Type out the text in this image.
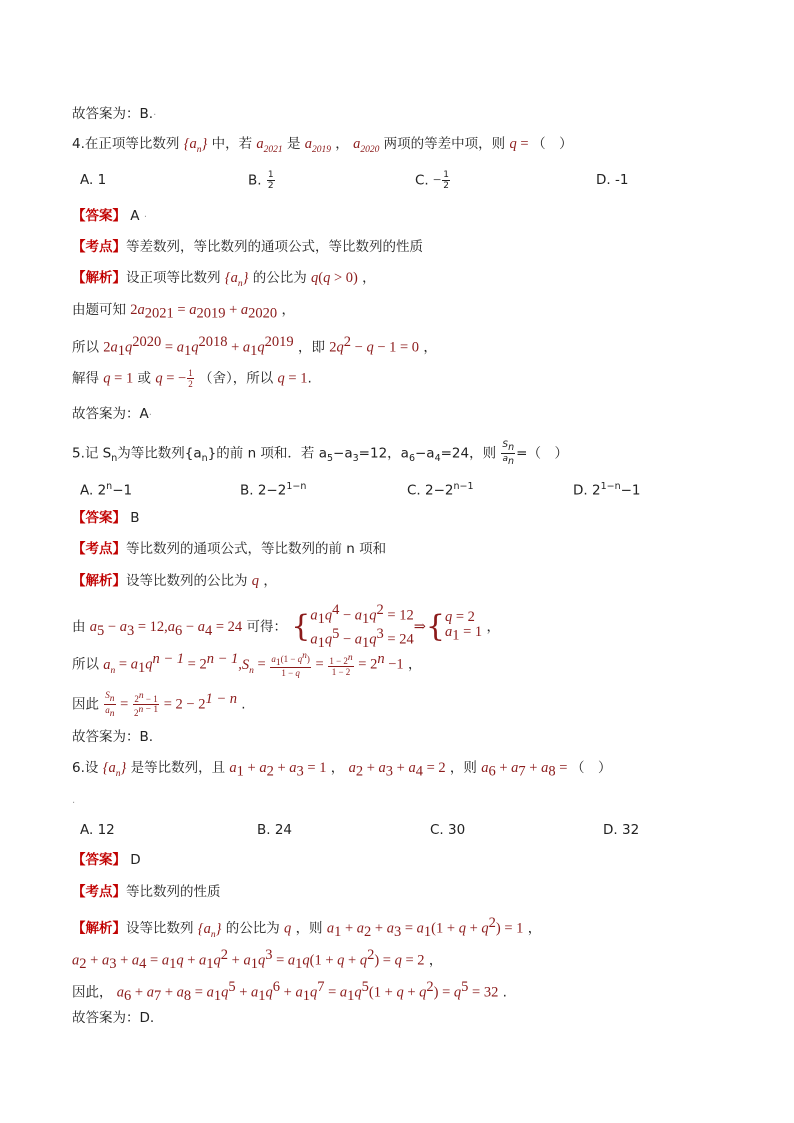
故答案为：B.·
4.在正项等比数列 $\{a_n\}$ 中，若 $a_{2021}$ 是 $a_{2019}$ ， $a_{2020}$ 两项的等差中项，则 q = （　）
A. 1	B. $\frac{1}{2}$	C. − $\frac{1}{2}$	D. -1
【答案】 A ·
【考点】等差数列，等比数列的通项公式，等比数列的性质
【解析】设正项等比数列 $\{a_n\}$ 的公比为 q(q > 0) ，
由题可知 $2a_{2021} = a_{2019} + a_{2020}$ ，
所以 $2a_1q^{2020} = a_1q^{2018} + a_1q^{2019}$ ，即 $2q^2 - q - 1 = 0$ ，
解得 q = 1 或 q = − $\frac{1}{2}$ （舍），所以 q = 1.
故答案为：A·
5.记 $S_n$为等比数列$\{a_n\}$的前 n 项和．若 $a_5-a_3=12$，$a_6-a_4=24$，则 $\frac{S_n}{a_n}$ =（　）
A. $2^n-1$	B. $2-2^{1-n}$	C. $2-2^{n-1}$	D. $2^{1-n}-1$
【答案】 B
【考点】等比数列的通项公式，等比数列的前 n 项和
【解析】设等比数列的公比为 q ，
由 $a_5 - a_3 = 12,a_6 - a_4 = 24$ 可得： { $a_1q^4 - a_1q^2 = 12$
$a_1q^5 - a_1q^3 = 24$
⇒{ q = 2
$a_1 = 1$ ，
所以 $a_n = a_1q^{n - 1} = 2^{n - 1},S_n = \frac{a_1(1 - q^n)}{1 - q} = \frac{1 - 2^n}{1 - 2} = 2^n -1$ ，
因此 $\frac{S_n}{a_n} = \frac{2^n - 1}{2^{n - 1}} = 2 - 2^{1 - n}$ .
故答案为：B.
6.设 $\{a_n\}$ 是等比数列，且 $a_1 + a_2 + a_3 = 1$ ， $a_2 + a_3 + a_4 = 2$ ，则 $a_6 + a_7 + a_8$ = （　）
·
A. 12	B. 24	C. 30	D. 32
【答案】 D
【考点】等比数列的性质
【解析】设等比数列 $\{a_n\}$ 的公比为 q ，则 $a_1 + a_2 + a_3 = a_1(1 + q + q^2) = 1$ ，
$a_2 + a_3 + a_4 = a_1q + a_1q^2 + a_1q^3 = a_1q(1 + q + q^2) = q = 2$ ，
因此， $a_6 + a_7 + a_8 = a_1q^5 + a_1q^6 + a_1q^7 = a_1q^5(1 + q + q^2) = q^5 = 32$ .
故答案为：D.
